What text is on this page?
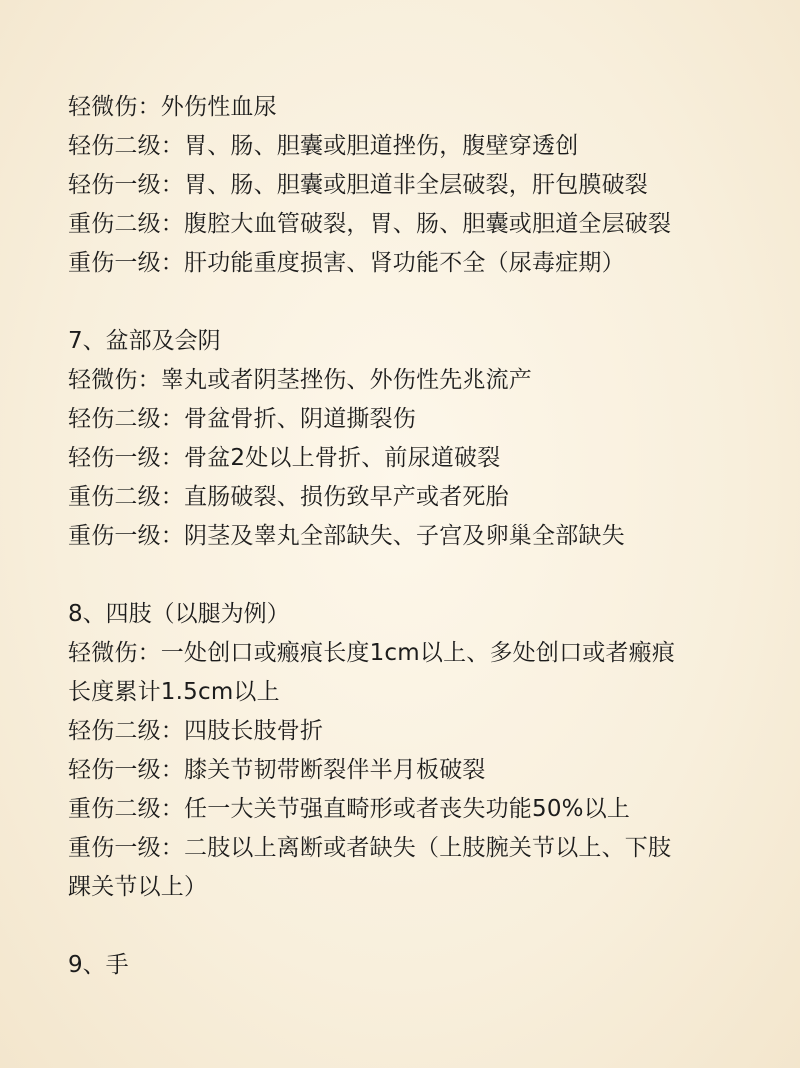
轻微伤：外伤性血尿
轻伤二级：胃、肠、胆囊或胆道挫伤，腹壁穿透创
轻伤一级：胃、肠、胆囊或胆道非全层破裂，肝包膜破裂
重伤二级：腹腔大血管破裂，胃、肠、胆囊或胆道全层破裂
重伤一级：肝功能重度损害、肾功能不全（尿毒症期）
7、盆部及会阴
轻微伤：睾丸或者阴茎挫伤、外伤性先兆流产
轻伤二级：骨盆骨折、阴道撕裂伤
轻伤一级：骨盆2处以上骨折、前尿道破裂
重伤二级：直肠破裂、损伤致早产或者死胎
重伤一级：阴茎及睾丸全部缺失、子宫及卵巢全部缺失
8、四肢（以腿为例）
轻微伤：一处创口或瘢痕长度1cm以上、多处创口或者瘢痕
长度累计1.5cm以上
轻伤二级：四肢长肢骨折
轻伤一级：膝关节韧带断裂伴半月板破裂
重伤二级：任一大关节强直畸形或者丧失功能50%以上
重伤一级：二肢以上离断或者缺失（上肢腕关节以上、下肢
踝关节以上）
9、手
